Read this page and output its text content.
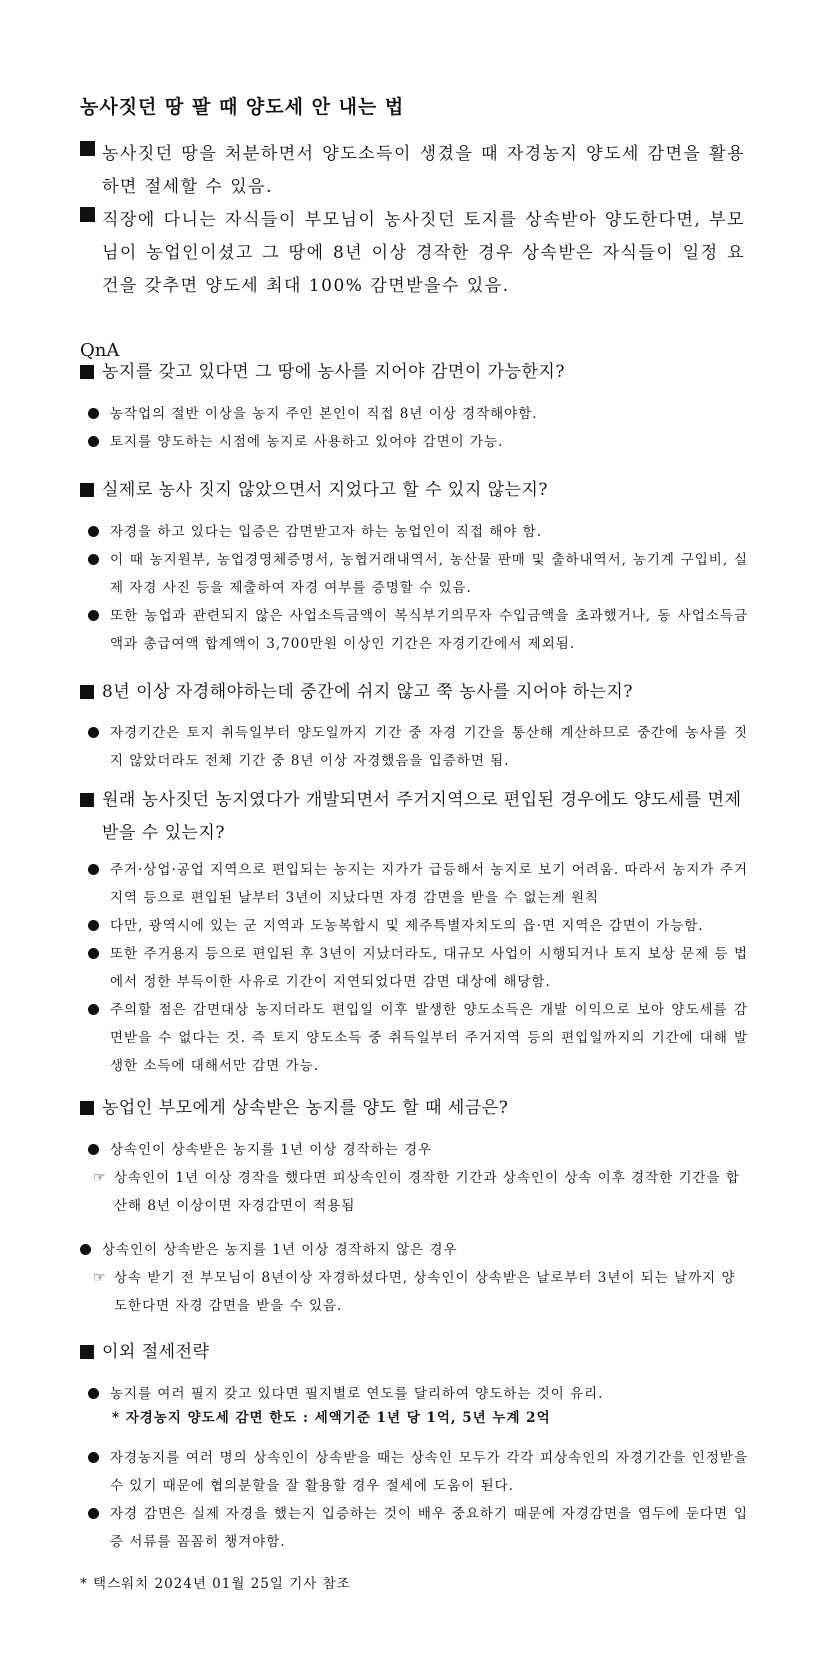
농사짓던 땅 팔 때 양도세 안 내는 법
농사짓던 땅을 처분하면서 양도소득이 생겼을 때 자경농지 양도세 감면을 활용하면 절세할 수 있음.
직장에 다니는 자식들이 부모님이 농사짓던 토지를 상속받아 양도한다면, 부모님이 농업인이셨고 그 땅에 8년 이상 경작한 경우 상속받은 자식들이 일정 요건을 갖추면 양도세 최대 100% 감면받을수 있음.
QnA
농지를 갖고 있다면 그 땅에 농사를 지어야 감면이 가능한지?
농작업의 절반 이상을 농지 주인 본인이 직접 8년 이상 경작해야함.
토지를 양도하는 시점에 농지로 사용하고 있어야 감면이 가능.
실제로 농사 짓지 않았으면서 지었다고 할 수 있지 않는지?
자경을 하고 있다는 입증은 감면받고자 하는 농업인이 직접 해야 함.
이 때 농지원부, 농업경영체증명서, 농협거래내역서, 농산물 판매 및 출하내역서, 농기계 구입비, 실제 자경 사진 등을 제출하여 자경 여부를 증명할 수 있음.
또한 농업과 관련되지 않은 사업소득금액이 복식부기의무자 수입금액을 초과했거나, 동 사업소득금액과 총급여액 합계액이 3,700만원 이상인 기간은 자경기간에서 제외됨.
8년 이상 자경해야하는데 중간에 쉬지 않고 쭉 농사를 지어야 하는지?
자경기간은 토지 취득일부터 양도일까지 기간 중 자경 기간을 통산해 계산하므로 중간에 농사를 짓지 않았더라도 전체 기간 중 8년 이상 자경했음을 입증하면 됨.
원래 농사짓던 농지였다가 개발되면서 주거지역으로 편입된 경우에도 양도세를 면제받을 수 있는지?
주거·상업·공업 지역으로 편입되는 농지는 지가가 급등해서 농지로 보기 어려움. 따라서 농지가 주거지역 등으로 편입된 날부터 3년이 지났다면 자경 감면을 받을 수 없는게 원칙
다만, 광역시에 있는 군 지역과 도농복합시 및 제주특별자치도의 읍·면 지역은 감면이 가능함.
또한 주거용지 등으로 편입된 후 3년이 지났더라도, 대규모 사업이 시행되거나 토지 보상 문제 등 법에서 정한 부득이한 사유로 기간이 지연되었다면 감면 대상에 해당함.
주의할 점은 감면대상 농지더라도 편입일 이후 발생한 양도소득은 개발 이익으로 보아 양도세를 감면받을 수 없다는 것. 즉 토지 양도소득 중 취득일부터 주거지역 등의 편입일까지의 기간에 대해 발생한 소득에 대해서만 감면 가능.
농업인 부모에게 상속받은 농지를 양도 할 때 세금은?
상속인이 상속받은 농지를 1년 이상 경작하는 경우
☞ 상속인이 1년 이상 경작을 했다면 피상속인이 경작한 기간과 상속인이 상속 이후 경작한 기간을 합산해 8년 이상이면 자경감면이 적용됨
상속인이 상속받은 농지를 1년 이상 경작하지 않은 경우
☞ 상속 받기 전 부모님이 8년이상 자경하셨다면, 상속인이 상속받은 날로부터 3년이 되는 날까지 양도한다면 자경 감면을 받을 수 있음.
이외 절세전략
농지를 여러 필지 갖고 있다면 필지별로 연도를 달리하여 양도하는 것이 유리.
* 자경농지 양도세 감면 한도 : 세액기준 1년 당 1억, 5년 누계 2억
자경농지를 여러 명의 상속인이 상속받을 때는 상속인 모두가 각각 피상속인의 자경기간을 인정받을 수 있기 때문에 협의분할을 잘 활용할 경우 절세에 도움이 된다.
자경 감면은 실제 자경을 했는지 입증하는 것이 배우 중요하기 때문에 자경감면을 염두에 둔다면 입증 서류를 꼼꼼히 챙겨야함.
* 택스워치 2024년 01월 25일 기사 참조
